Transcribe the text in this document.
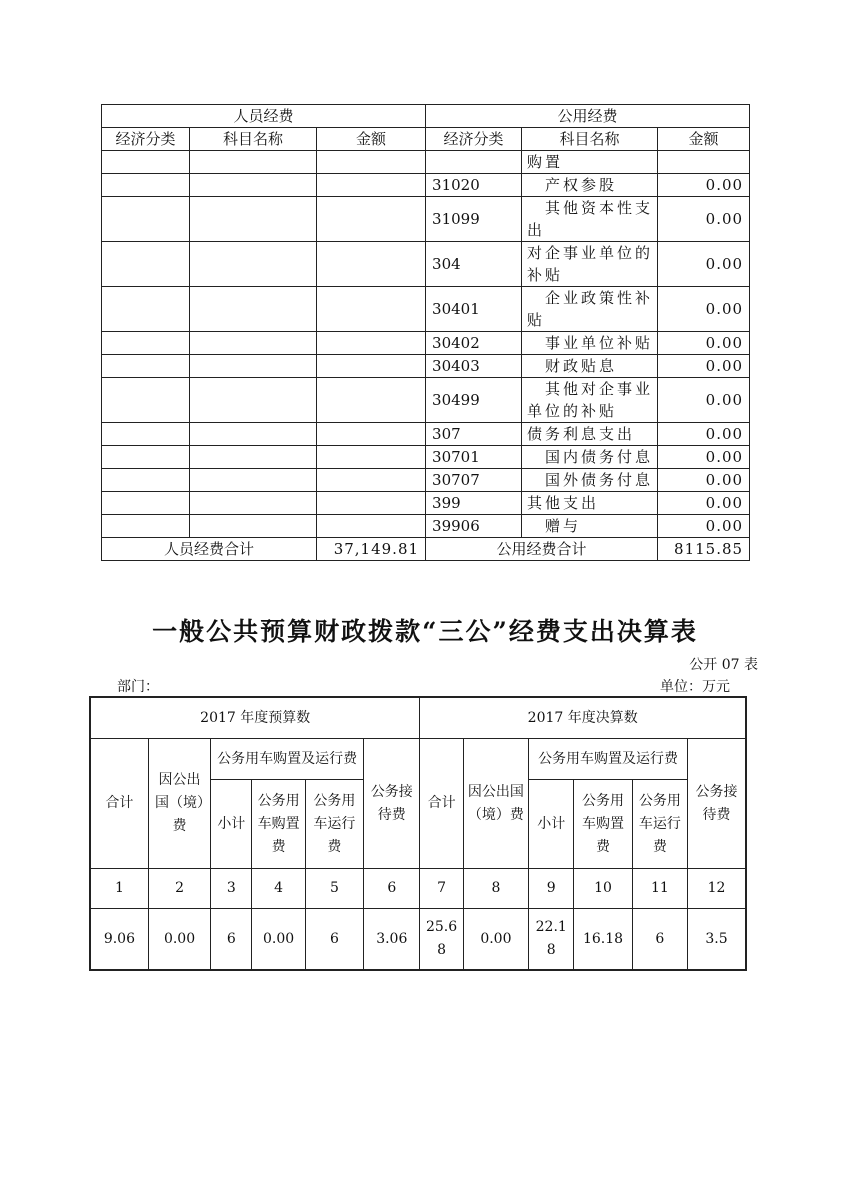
人员经费			公用经费		
经济分类	科目名称	金额	经济分类	科目名称	金额
				购置	
			31020	产权参股	0.00
			31099	其他资本性支出	0.00
			304	对企事业单位的补贴	0.00
			30401	企业政策性补贴	0.00
			30402	事业单位补贴	0.00
			30403	财政贴息	0.00
			30499	其他对企事业单位的补贴	0.00
			307	债务利息支出	0.00
			30701	国内债务付息	0.00
			30707	国外债务付息	0.00
			399	其他支出	0.00
			39906	赠与	0.00
人员经费合计		37,149.81	公用经费合计		8115.85
一般公共预算财政拨款“三公”经费支出决算表
公开 07 表
部门：	单位：万元
2017 年度预算数						2017 年度决算数					
合计	因公出国（境）费	公务用车购置及运行费			公务接待费	合计	因公出国（境）费	公务用车购置及运行费			公务接待费
		小计	公务用车购置费	公务用车运行费				小计	公务用车购置费	公务用车运行费	
1	2	3	4	5	6	7	8	9	10	11	12
9.06	0.00	6	0.00	6	3.06	25.68	0.00	22.18	16.18	6	3.5
